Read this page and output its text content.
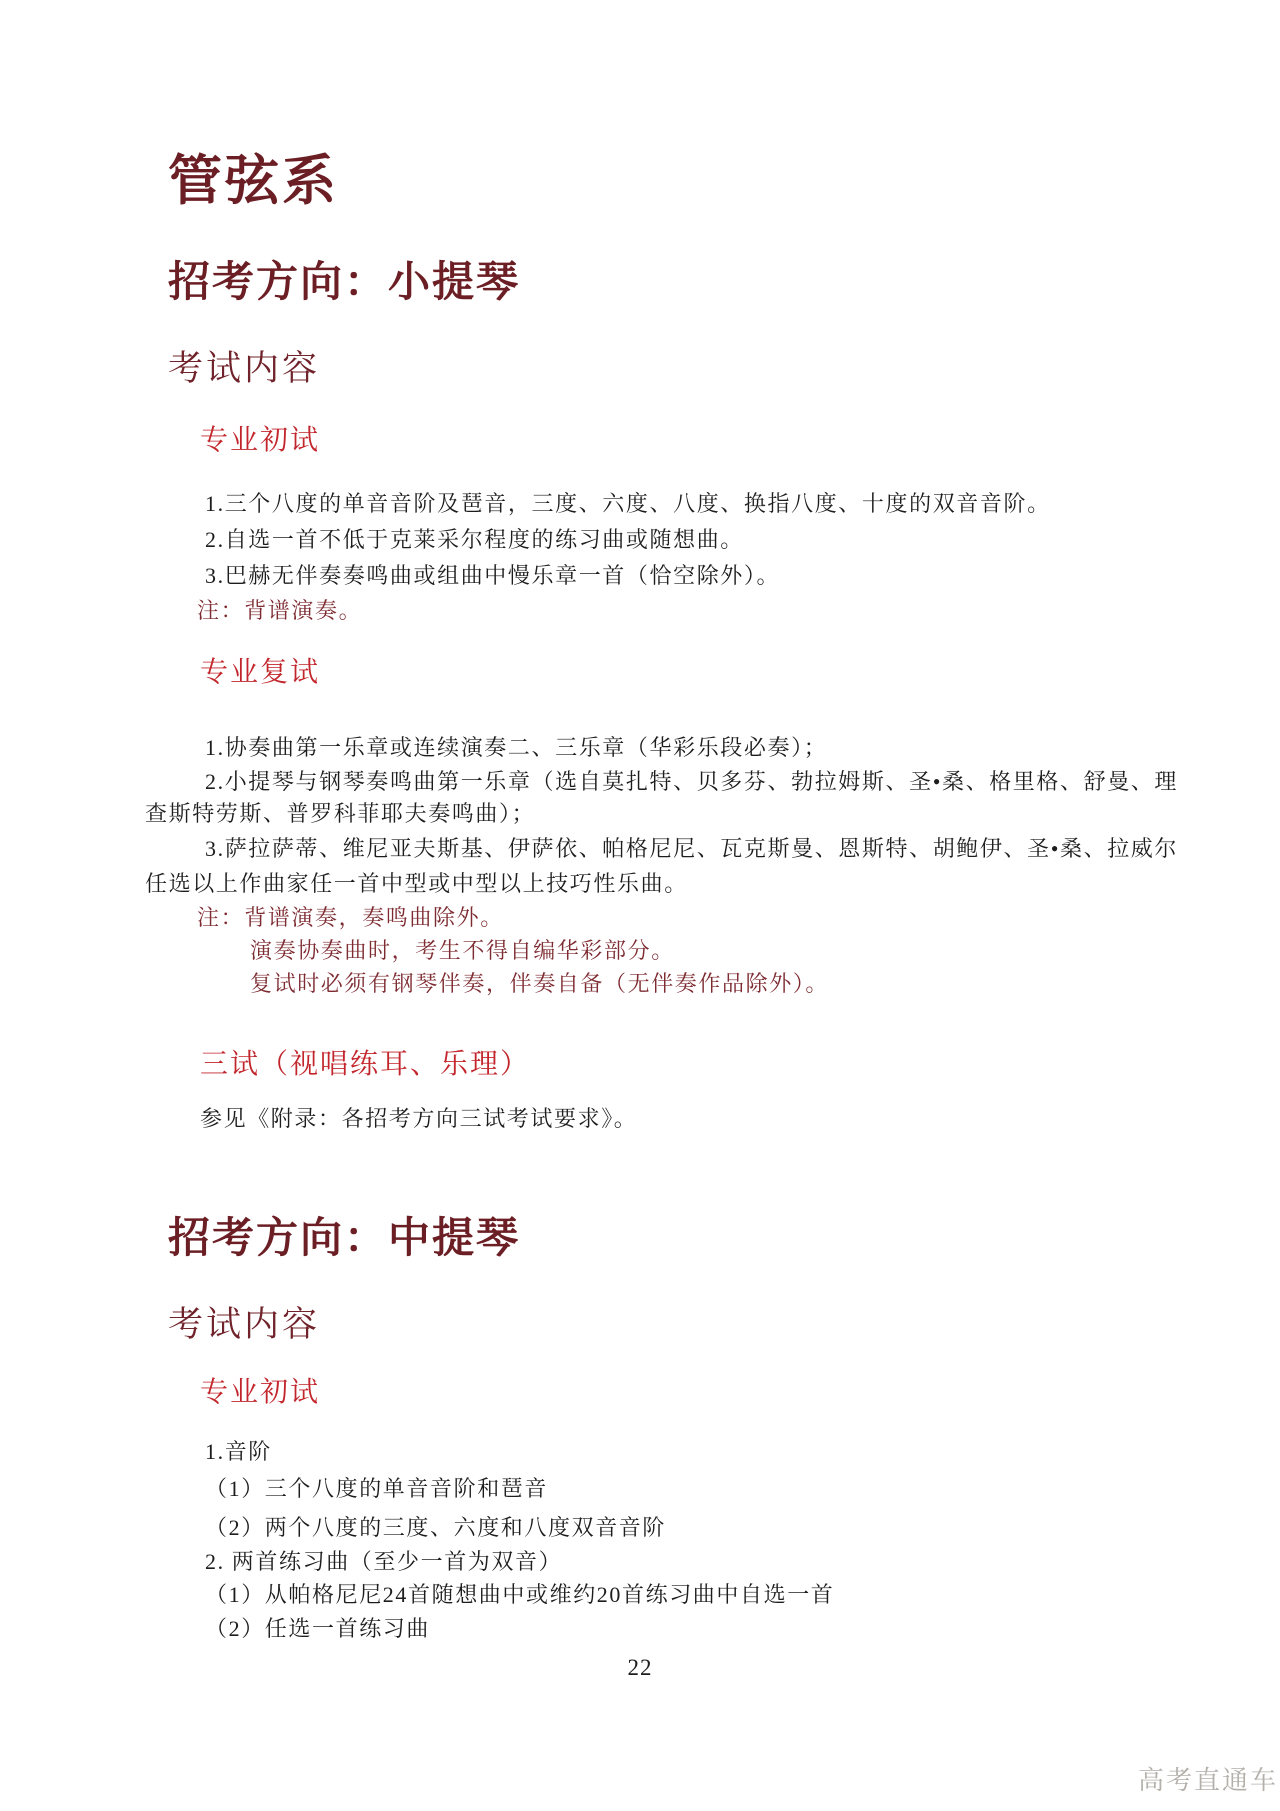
管弦系
招考方向：小提琴
考试内容
专业初试
1.三个八度的单音音阶及琶音，三度、六度、八度、换指八度、十度的双音音阶。
2.自选一首不低于克莱采尔程度的练习曲或随想曲。
3.巴赫无伴奏奏鸣曲或组曲中慢乐章一首（恰空除外）。
注：背谱演奏。
专业复试
1.协奏曲第一乐章或连续演奏二、三乐章（华彩乐段必奏）；
2.小提琴与钢琴奏鸣曲第一乐章（选自莫扎特、贝多芬、勃拉姆斯、圣•桑、格里格、舒曼、理
查斯特劳斯、普罗科菲耶夫奏鸣曲）；
3.萨拉萨蒂、维尼亚夫斯基、伊萨依、帕格尼尼、瓦克斯曼、恩斯特、胡鲍伊、圣•桑、拉威尔
任选以上作曲家任一首中型或中型以上技巧性乐曲。
注：背谱演奏，奏鸣曲除外。
演奏协奏曲时，考生不得自编华彩部分。
复试时必须有钢琴伴奏，伴奏自备（无伴奏作品除外）。
三试（视唱练耳、乐理）
参见《附录：各招考方向三试考试要求》。
招考方向：中提琴
考试内容
专业初试
1.音阶
（1）三个八度的单音音阶和琶音
（2）两个八度的三度、六度和八度双音音阶
2. 两首练习曲（至少一首为双音）
（1）从帕格尼尼24首随想曲中或维约20首练习曲中自选一首
（2）任选一首练习曲
22
高考直通车
